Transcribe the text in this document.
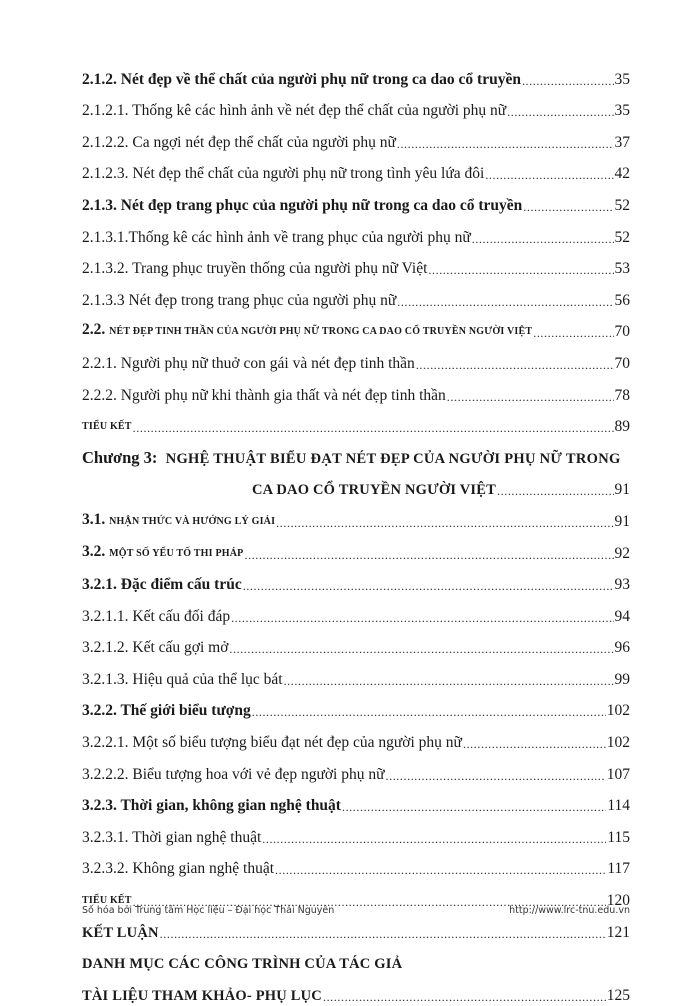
2.1.2. Nét đẹp về thể chất của người phụ nữ trong ca dao cổ truyền .....	35
2.1.2.1. Thống kê các hình ảnh về nét đẹp thể chất của người phụ nữ .....	35
2.1.2.2. Ca ngợi nét đẹp thể chất của người phụ nữ .....	37
2.1.2.3. Nét đẹp thể chất của người phụ nữ trong tình yêu lứa đôi .....	42
2.1.3. Nét đẹp trang phục của người phụ nữ trong ca dao cổ truyền .....	52
2.1.3.1.Thống kê các hình ảnh về trang phục của người phụ nữ .....	52
2.1.3.2. Trang phục truyền thống của người phụ nữ Việt .....	53
2.1.3.3 Nét đẹp trong trang phục của người phụ nữ .....	56
2.2. NÉT ĐẸP TINH THẦN CỦA NGƯỜI PHỤ NỮ TRONG CA DAO CỔ TRUYỀN NGƯỜI VIỆT .....	70
2.2.1. Người phụ nữ thuở con gái và nét đẹp tinh thần .....	70
2.2.2. Người phụ nữ khi thành gia thất và nét đẹp tinh thần .....	78
TIỂU KẾT .....	89
Chương 3: NGHỆ THUẬT BIỂU ĐẠT NÉT ĐẸP CỦA NGƯỜI PHỤ NỮ TRONG
CA DAO CỔ TRUYỀN NGƯỜI VIỆT .....	91
3.1. NHẬN THỨC VÀ HƯỚNG LÝ GIẢI .....	91
3.2. MỘT SỐ YẾU TỐ THI PHÁP .....	92
3.2.1. Đặc điểm cấu trúc .....	93
3.2.1.1. Kết cấu đối đáp .....	94
3.2.1.2. Kết cấu gợi mở .....	96
3.2.1.3. Hiệu quả của thể lục bát .....	99
3.2.2. Thế giới biểu tượng .....	102
3.2.2.1. Một số biểu tượng biểu đạt nét đẹp của người phụ nữ .....	102
3.2.2.2. Biểu tượng hoa với vẻ đẹp người phụ nữ .....	107
3.2.3. Thời gian, không gian nghệ thuật .....	114
3.2.3.1. Thời gian nghệ thuật .....	115
3.2.3.2. Không gian nghệ thuật .....	117
TIỂU KẾT .....	120
KẾT LUẬN .....	121
DANH MỤC CÁC CÔNG TRÌNH CỦA TÁC GIẢ
TÀI LIỆU THAM KHẢO- PHỤ LỤC .....	125
Số hóa bởi Trung tâm Học liệu – Đại học Thái Nguyên	http://www.lrc-tnu.edu.vn
